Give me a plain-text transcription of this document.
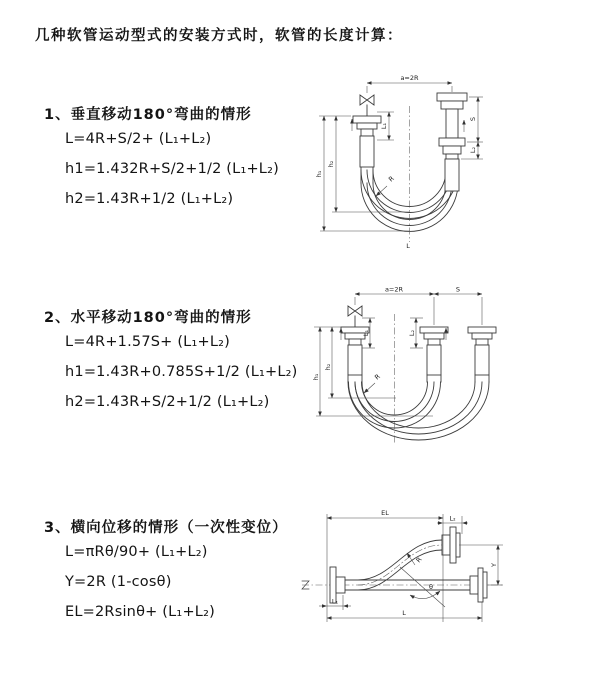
几种软管运动型式的安装方式时，软管的长度计算：
1、垂直移动180°弯曲的情形
L=4R+S/2+ (L₁+L₂)
h1=1.432R+S/2+1/2 (L₁+L₂)
h2=1.43R+1/2 (L₁+L₂)
2、水平移动180°弯曲的情形
L=4R+1.57S+ (L₁+L₂)
h1=1.43R+0.785S+1/2 (L₁+L₂)
h2=1.43R+S/2+1/2 (L₁+L₂)
3、横向位移的情形（一次性变位）
L=πRθ/90+ (L₁+L₂)
Y=2R (1-cosθ)
EL=2Rsinθ+ (L₁+L₂)
a=2R
L₁
S
L₂
h₁
h₂
R
L
a=2R	S
L₁	L₂
h₁
h₂
R
EL
L₂
Y
L
L₁
R
θ
